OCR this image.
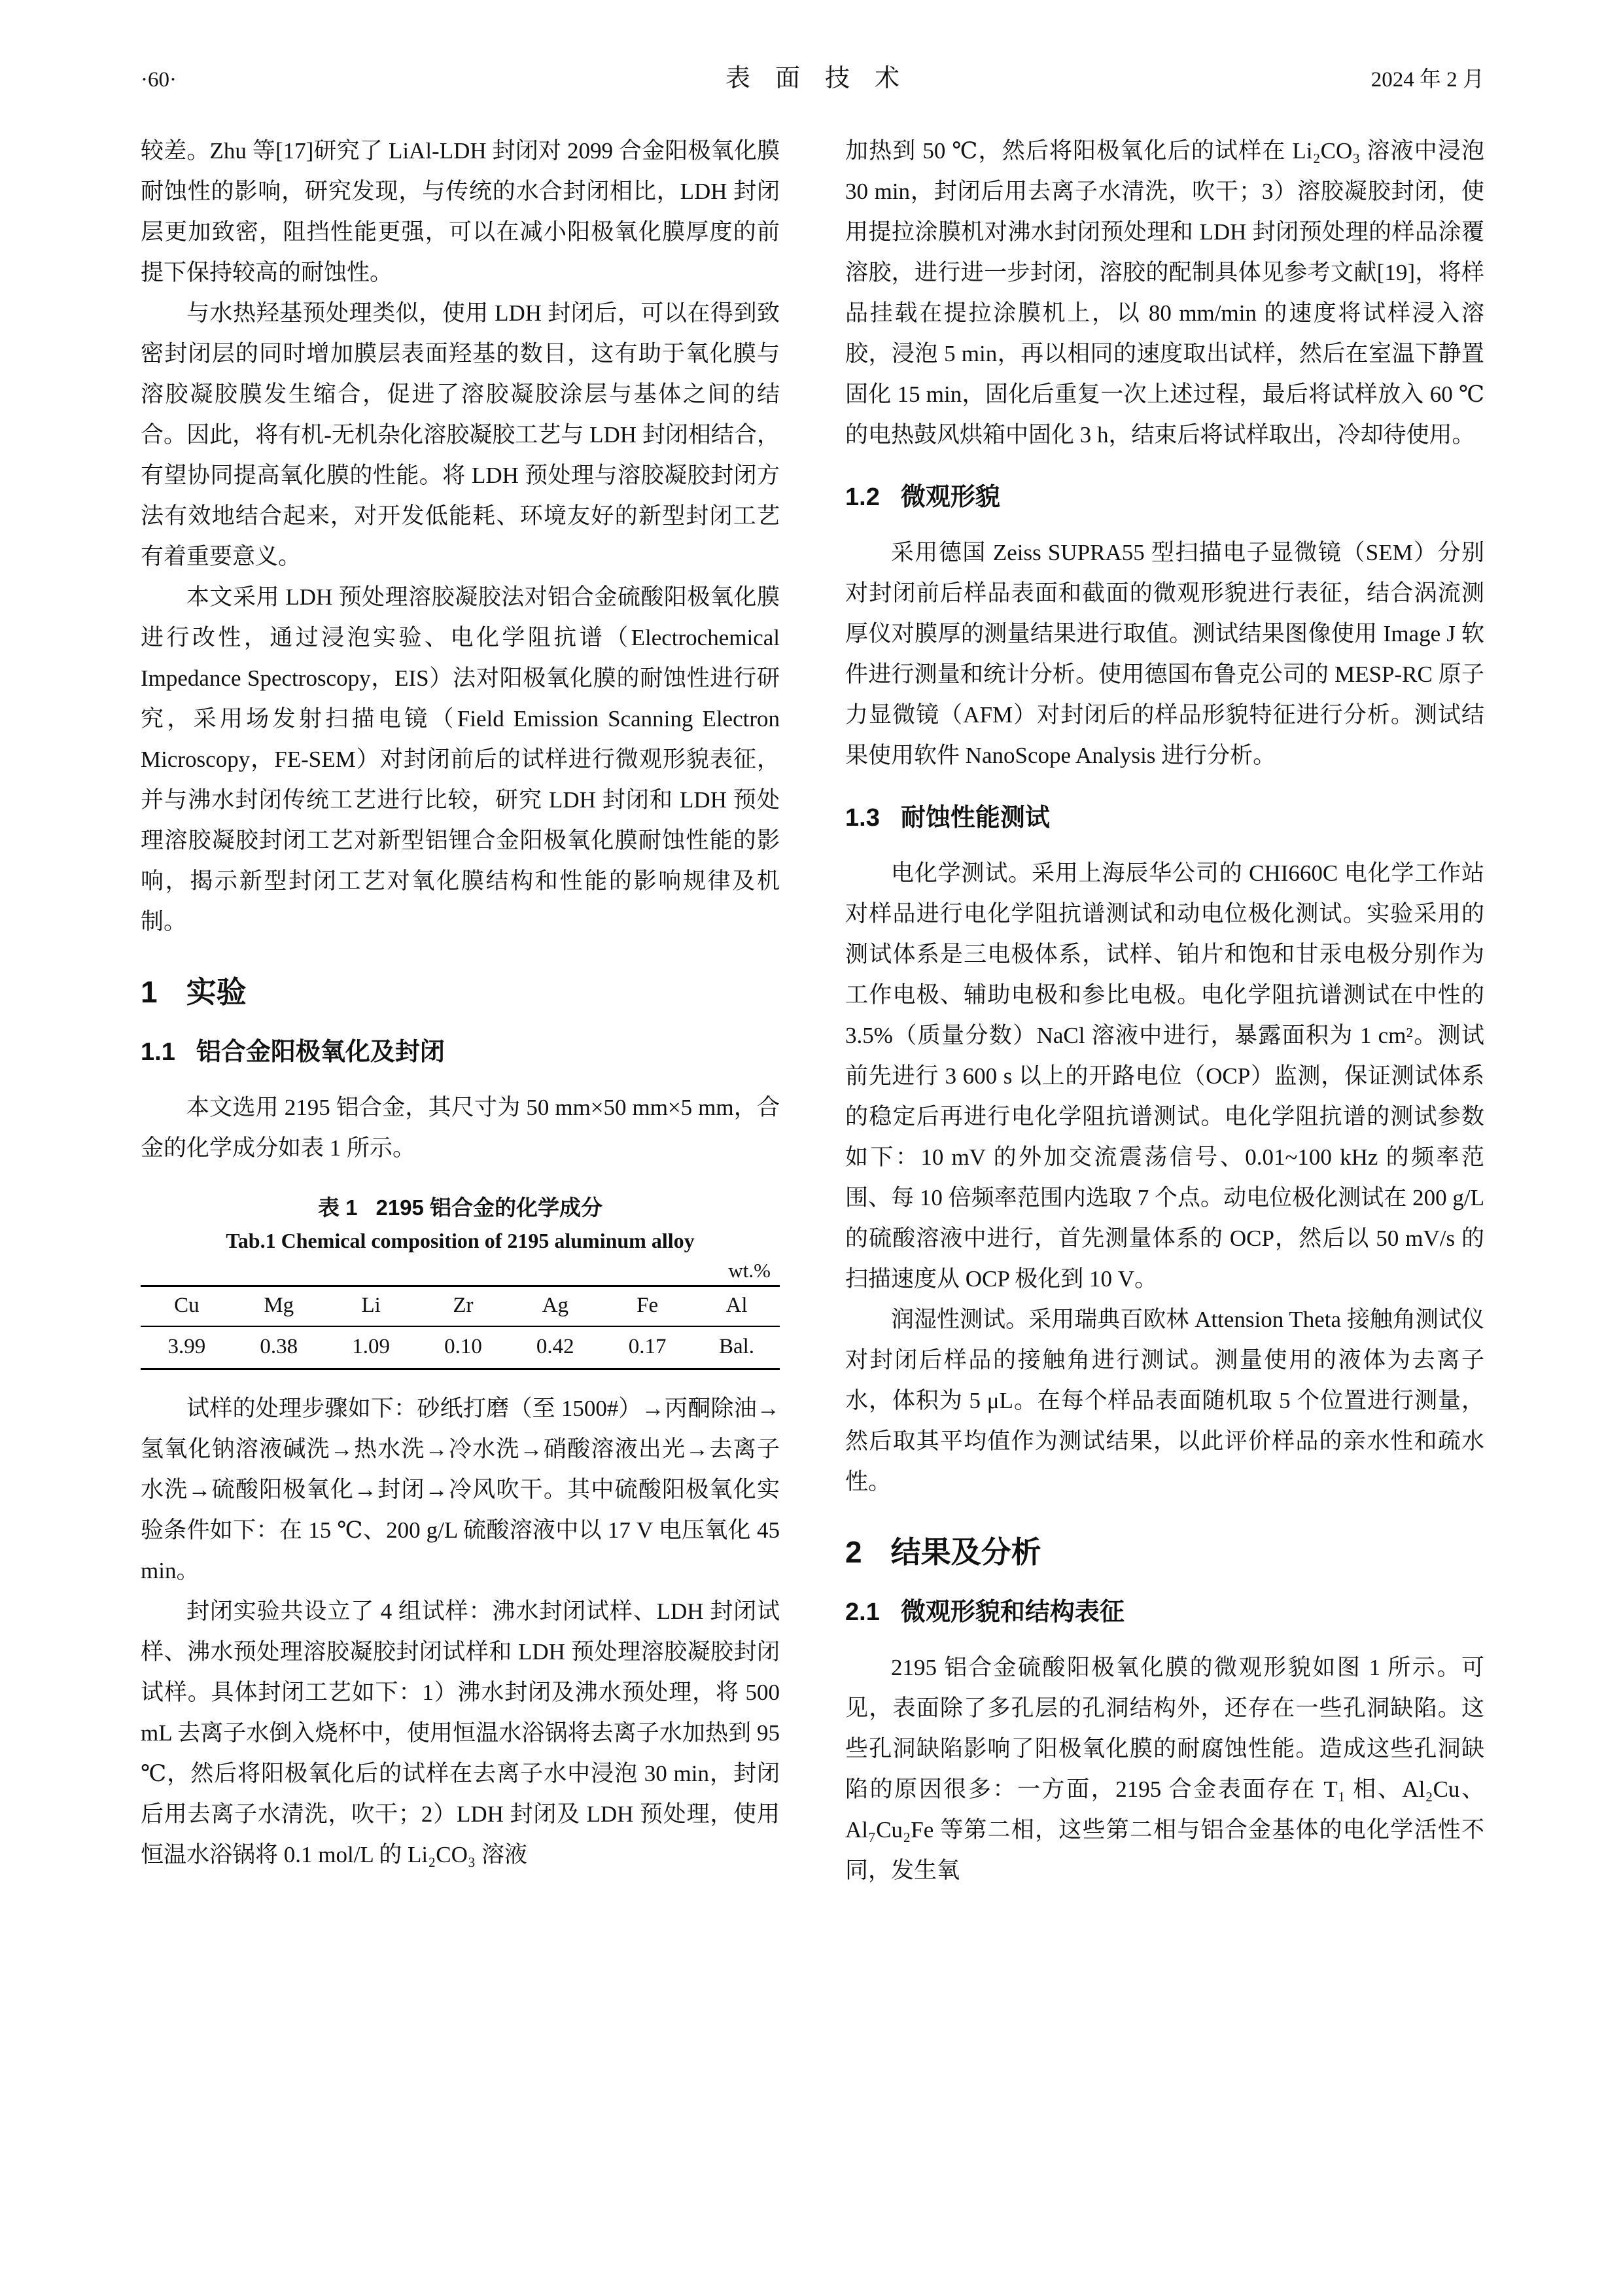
·60·	表　面　技　术	2024 年 2 月

较差。Zhu 等[17]研究了 LiAl-LDH 封闭对 2099 合金阳极氧化膜耐蚀性的影响，研究发现，与传统的水合封闭相比，LDH 封闭层更加致密，阻挡性能更强，可以在减小阳极氧化膜厚度的前提下保持较高的耐蚀性。

与水热羟基预处理类似，使用 LDH 封闭后，可以在得到致密封闭层的同时增加膜层表面羟基的数目，这有助于氧化膜与溶胶凝胶膜发生缩合，促进了溶胶凝胶涂层与基体之间的结合。因此，将有机-无机杂化溶胶凝胶工艺与 LDH 封闭相结合，有望协同提高氧化膜的性能。将 LDH 预处理与溶胶凝胶封闭方法有效地结合起来，对开发低能耗、环境友好的新型封闭工艺有着重要意义。

本文采用 LDH 预处理溶胶凝胶法对铝合金硫酸阳极氧化膜进行改性，通过浸泡实验、电化学阻抗谱（Electrochemical Impedance Spectroscopy，EIS）法对阳极氧化膜的耐蚀性进行研究，采用场发射扫描电镜（Field Emission Scanning Electron Microscopy，FE-SEM）对封闭前后的试样进行微观形貌表征，并与沸水封闭传统工艺进行比较，研究 LDH 封闭和 LDH 预处理溶胶凝胶封闭工艺对新型铝锂合金阳极氧化膜耐蚀性能的影响，揭示新型封闭工艺对氧化膜结构和性能的影响规律及机制。

1 实验
1.1 铝合金阳极氧化及封闭

本文选用 2195 铝合金，其尺寸为 50 mm×50 mm×5 mm，合金的化学成分如表 1 所示。

表 1 2195 铝合金的化学成分
Tab.1 Chemical composition of 2195 aluminum alloy
wt.%
Cu	Mg	Li	Zr	Ag	Fe	Al
3.99	0.38	1.09	0.10	0.42	0.17	Bal.

试样的处理步骤如下：砂纸打磨（至 1500#）→丙酮除油→氢氧化钠溶液碱洗→热水洗→冷水洗→硝酸溶液出光→去离子水洗→硫酸阳极氧化→封闭→冷风吹干。其中硫酸阳极氧化实验条件如下：在 15 ℃、200 g/L 硫酸溶液中以 17 V 电压氧化 45 min。

封闭实验共设立了 4 组试样：沸水封闭试样、LDH 封闭试样、沸水预处理溶胶凝胶封闭试样和 LDH 预处理溶胶凝胶封闭试样。具体封闭工艺如下：1）沸水封闭及沸水预处理，将 500 mL 去离子水倒入烧杯中，使用恒温水浴锅将去离子水加热到 95 ℃，然后将阳极氧化后的试样在去离子水中浸泡 30 min，封闭后用去离子水清洗，吹干；2）LDH 封闭及 LDH 预处理，使用恒温水浴锅将 0.1 mol/L 的 Li₂CO₃ 溶液

加热到 50 ℃，然后将阳极氧化后的试样在 Li₂CO₃ 溶液中浸泡 30 min，封闭后用去离子水清洗，吹干；3）溶胶凝胶封闭，使用提拉涂膜机对沸水封闭预处理和 LDH 封闭预处理的样品涂覆溶胶，进行进一步封闭，溶胶的配制具体见参考文献[19]，将样品挂载在提拉涂膜机上，以 80 mm/min 的速度将试样浸入溶胶，浸泡 5 min，再以相同的速度取出试样，然后在室温下静置固化 15 min，固化后重复一次上述过程，最后将试样放入 60 ℃的电热鼓风烘箱中固化 3 h，结束后将试样取出，冷却待使用。

1.2 微观形貌

采用德国 Zeiss SUPRA55 型扫描电子显微镜（SEM）分别对封闭前后样品表面和截面的微观形貌进行表征，结合涡流测厚仪对膜厚的测量结果进行取值。测试结果图像使用 Image J 软件进行测量和统计分析。使用德国布鲁克公司的 MESP-RC 原子力显微镜（AFM）对封闭后的样品形貌特征进行分析。测试结果使用软件 NanoScope Analysis 进行分析。

1.3 耐蚀性能测试

电化学测试。采用上海辰华公司的 CHI660C 电化学工作站对样品进行电化学阻抗谱测试和动电位极化测试。实验采用的测试体系是三电极体系，试样、铂片和饱和甘汞电极分别作为工作电极、辅助电极和参比电极。电化学阻抗谱测试在中性的 3.5%（质量分数）NaCl 溶液中进行，暴露面积为 1 cm²。测试前先进行 3 600 s 以上的开路电位（OCP）监测，保证测试体系的稳定后再进行电化学阻抗谱测试。电化学阻抗谱的测试参数如下：10 mV 的外加交流震荡信号、0.01~100 kHz 的频率范围、每 10 倍频率范围内选取 7 个点。动电位极化测试在 200 g/L 的硫酸溶液中进行，首先测量体系的 OCP，然后以 50 mV/s 的扫描速度从 OCP 极化到 10 V。

润湿性测试。采用瑞典百欧林 Attension Theta 接触角测试仪对封闭后样品的接触角进行测试。测量使用的液体为去离子水，体积为 5 μL。在每个样品表面随机取 5 个位置进行测量，然后取其平均值作为测试结果，以此评价样品的亲水性和疏水性。

2 结果及分析
2.1 微观形貌和结构表征

2195 铝合金硫酸阳极氧化膜的微观形貌如图 1 所示。可见，表面除了多孔层的孔洞结构外，还存在一些孔洞缺陷。这些孔洞缺陷影响了阳极氧化膜的耐腐蚀性能。造成这些孔洞缺陷的原因很多：一方面，2195 合金表面存在 T₁ 相、Al₂Cu、Al₇Cu₂Fe 等第二相，这些第二相与铝合金基体的电化学活性不同，发生氧
